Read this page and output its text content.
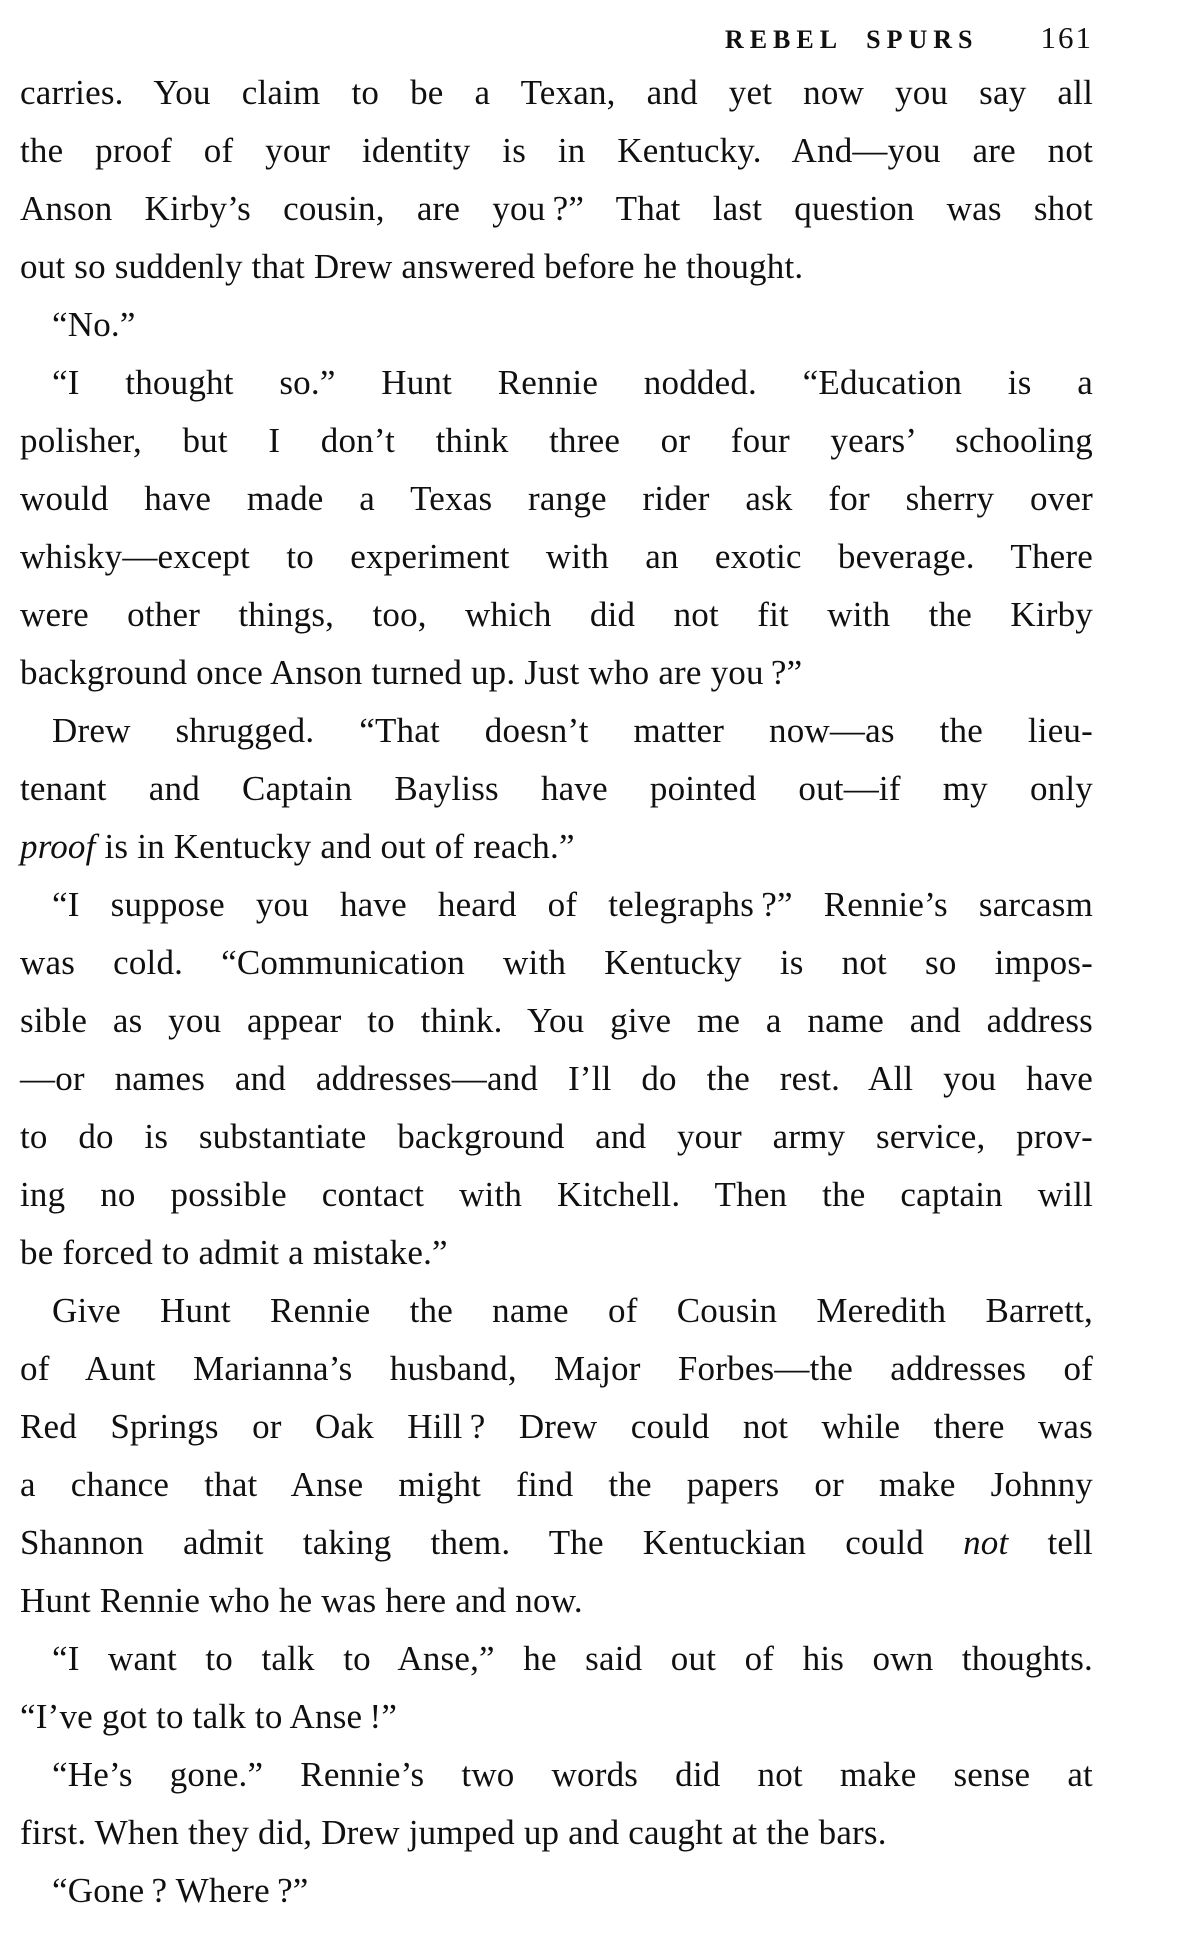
REBEL SPURS 161
carries. You claim to be a Texan, and yet now you say all
the proof of your identity is in Kentucky. And—you are not
Anson Kirby’s cousin, are you ?” That last question was shot
out so suddenly that Drew answered before he thought.
“No.”
“I thought so.” Hunt Rennie nodded. “Education is a
polisher, but I don’t think three or four years’ schooling
would have made a Texas range rider ask for sherry over
whisky—except to experiment with an exotic beverage. There
were other things, too, which did not fit with the Kirby
background once Anson turned up. Just who are you ?”
Drew shrugged. “That doesn’t matter now—as the lieu-
tenant and Captain Bayliss have pointed out—if my only
proof is in Kentucky and out of reach.”
“I suppose you have heard of telegraphs ?” Rennie’s sarcasm
was cold. “Communication with Kentucky is not so impos-
sible as you appear to think. You give me a name and address
—or names and addresses—and I’ll do the rest. All you have
to do is substantiate background and your army service, prov-
ing no possible contact with Kitchell. Then the captain will
be forced to admit a mistake.”
Give Hunt Rennie the name of Cousin Meredith Barrett,
of Aunt Marianna’s husband, Major Forbes—the addresses of
Red Springs or Oak Hill ? Drew could not while there was
a chance that Anse might find the papers or make Johnny
Shannon admit taking them. The Kentuckian could not tell
Hunt Rennie who he was here and now.
“I want to talk to Anse,” he said out of his own thoughts.
“I’ve got to talk to Anse !”
“He’s gone.” Rennie’s two words did not make sense at
first. When they did, Drew jumped up and caught at the bars.
“Gone ? Where ?”
